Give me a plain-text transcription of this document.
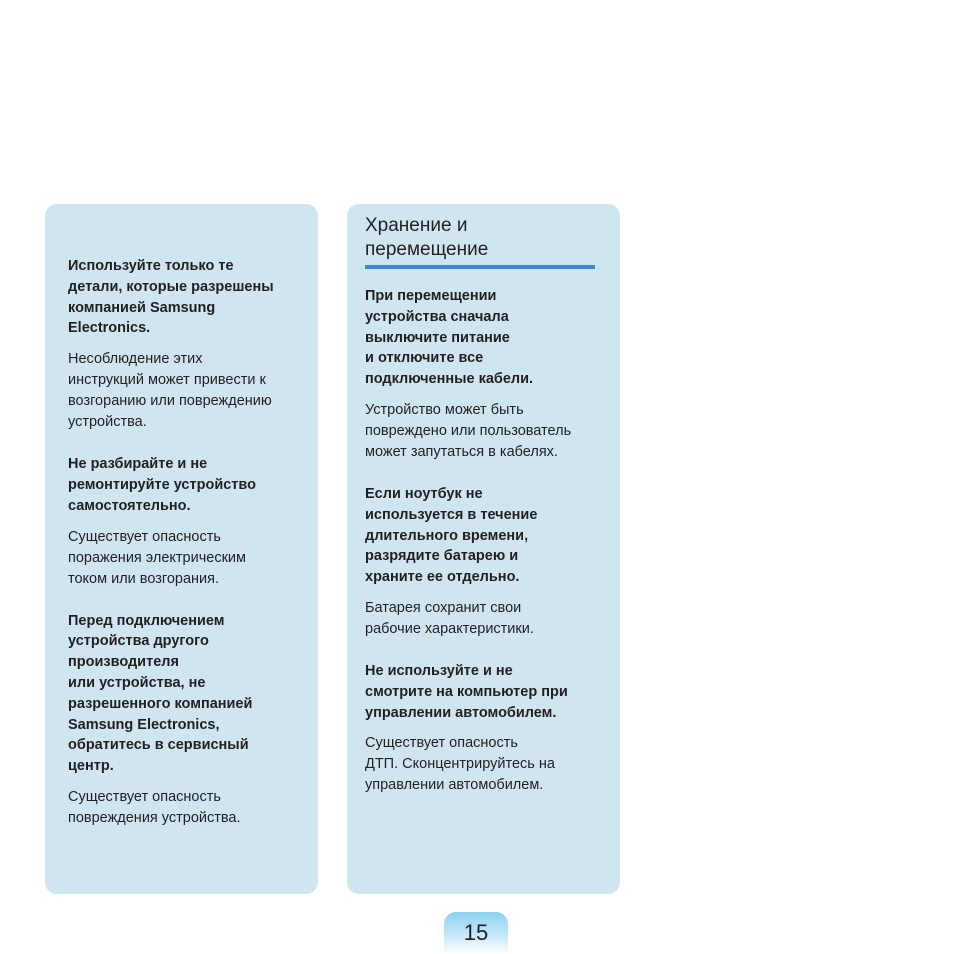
Используйте только те
детали, которые разрешены
компанией Samsung
Electronics.

Несоблюдение этих
инструкций может привести к
возгоранию или повреждению
устройства.

Не разбирайте и не
ремонтируйте устройство
самостоятельно.

Существует опасность
поражения электрическим
током или возгорания.

Перед подключением
устройства другого
производителя
или устройства, не
разрешенного компанией
Samsung Electronics,
обратитесь в сервисный
центр.

Существует опасность
повреждения устройства.

Хранение и
перемещение

При перемещении
устройства сначала
выключите питание
и отключите все
подключенные кабели.

Устройство может быть
повреждено или пользователь
может запутаться в кабелях.

Если ноутбук не
используется в течение
длительного времени,
разрядите батарею и
храните ее отдельно.

Батарея сохранит свои
рабочие характеристики.

Не используйте и не
смотрите на компьютер при
управлении автомобилем.

Существует опасность
ДТП. Сконцентрируйтесь на
управлении автомобилем.

15
